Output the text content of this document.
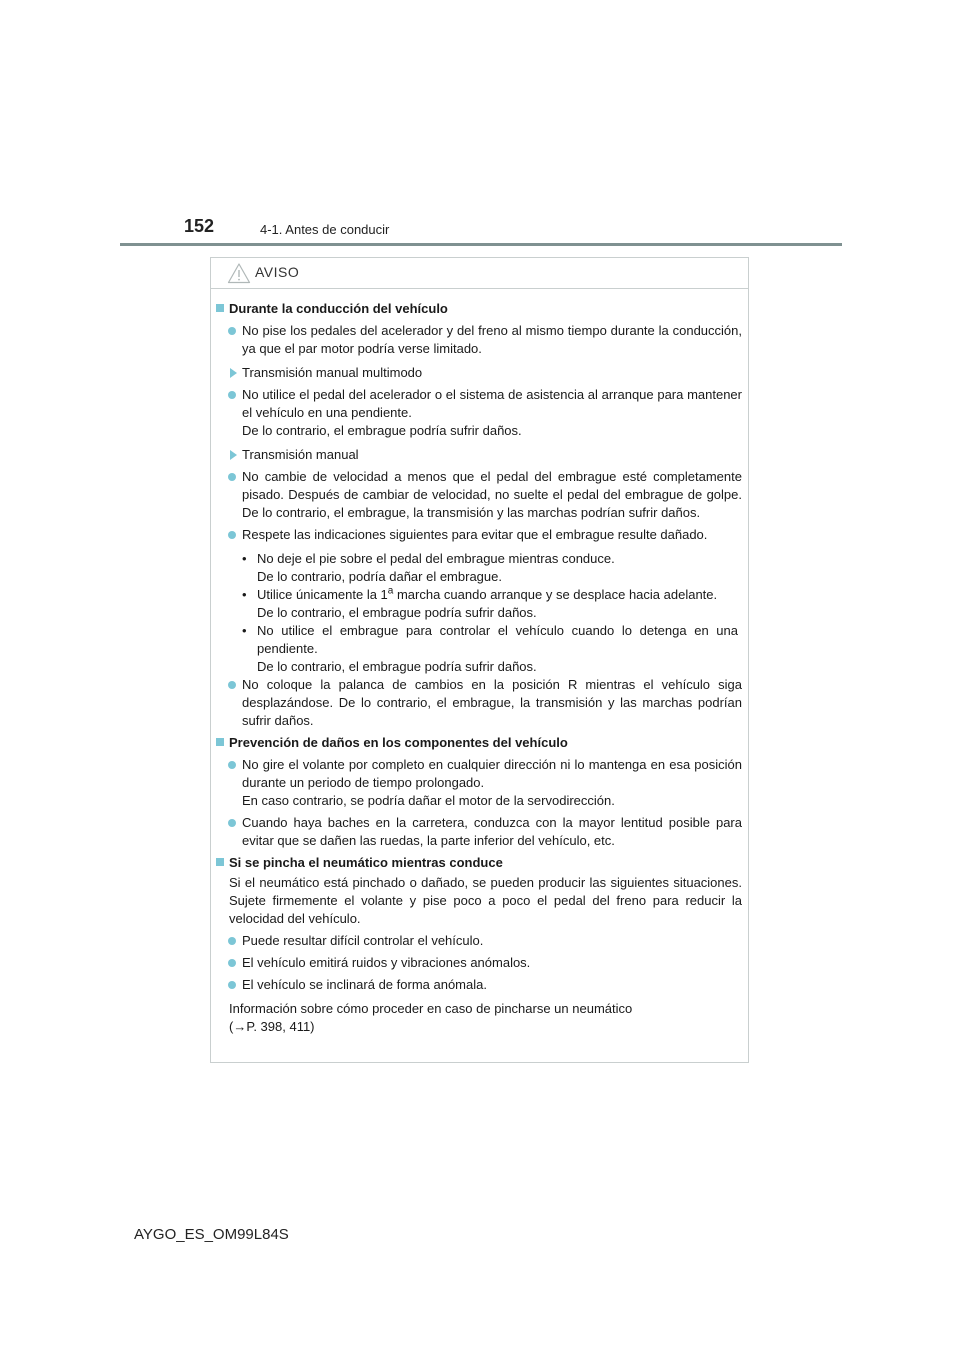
152	4-1. Antes de conducir
AVISO
Durante la conducción del vehículo
No pise los pedales del acelerador y del freno al mismo tiempo durante la conducción, ya que el par motor podría verse limitado.
Transmisión manual multimodo
No utilice el pedal del acelerador o el sistema de asistencia al arranque para mantener el vehículo en una pendiente.
De lo contrario, el embrague podría sufrir daños.
Transmisión manual
No cambie de velocidad a menos que el pedal del embrague esté completamente pisado. Después de cambiar de velocidad, no suelte el pedal del embrague de golpe. De lo contrario, el embrague, la transmisión y las marchas podrían sufrir daños.
Respete las indicaciones siguientes para evitar que el embrague resulte dañado.
• No deje el pie sobre el pedal del embrague mientras conduce.
De lo contrario, podría dañar el embrague.
• Utilice únicamente la 1$^a$ marcha cuando arranque y se desplace hacia adelante.
De lo contrario, el embrague podría sufrir daños.
• No utilice el embrague para controlar el vehículo cuando lo detenga en una pendiente.
De lo contrario, el embrague podría sufrir daños.
No coloque la palanca de cambios en la posición R mientras el vehículo siga desplazándose. De lo contrario, el embrague, la transmisión y las marchas podrían sufrir daños.
Prevención de daños en los componentes del vehículo
No gire el volante por completo en cualquier dirección ni lo mantenga en esa posición durante un periodo de tiempo prolongado.
En caso contrario, se podría dañar el motor de la servodirección.
Cuando haya baches en la carretera, conduzca con la mayor lentitud posible para evitar que se dañen las ruedas, la parte inferior del vehículo, etc.
Si se pincha el neumático mientras conduce
Si el neumático está pinchado o dañado, se pueden producir las siguientes situaciones. Sujete firmemente el volante y pise poco a poco el pedal del freno para reducir la velocidad del vehículo.
Puede resultar difícil controlar el vehículo.
El vehículo emitirá ruidos y vibraciones anómalos.
El vehículo se inclinará de forma anómala.
Información sobre cómo proceder en caso de pincharse un neumático
(→P. 398, 411)
AYGO_ES_OM99L84S
